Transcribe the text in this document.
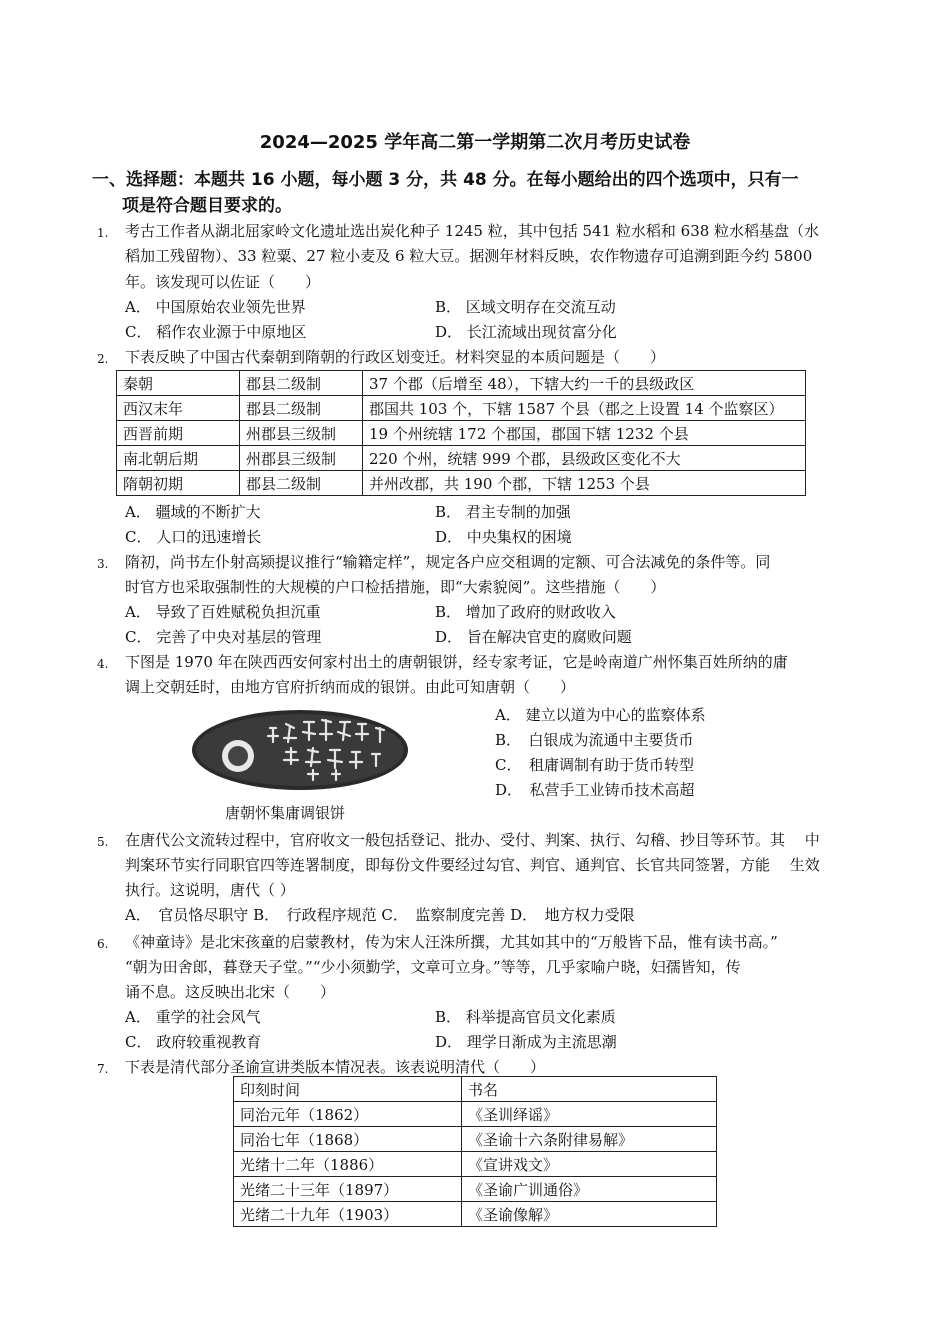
2024—2025 学年高二第一学期第二次月考历史试卷
一、选择题：本题共 16 小题，每小题 3 分，共 48 分。在每小题给出的四个选项中，只有一
项是符合题目要求的。
1. 考古工作者从湖北屈家岭文化遗址选出炭化种子 1245 粒，其中包括 541 粒水稻和 638 粒水稻基盘（水
稻加工残留物）、33 粒粟、27 粒小麦及 6 粒大豆。据测年材料反映，农作物遗存可追溯到距今约 5800
年。该发现可以佐证（　　）
A． 中国原始农业领先世界	B． 区域文明存在交流互动
C． 稻作农业源于中原地区	D． 长江流域出现贫富分化
2. 下表反映了中国古代秦朝到隋朝的行政区划变迁。材料突显的本质问题是（　　）
秦朝	郡县二级制	37 个郡（后增至 48），下辖大约一千的县级政区
西汉末年	郡县二级制	郡国共 103 个，下辖 1587 个县（郡之上设置 14 个监察区）
西晋前期	州郡县三级制	19 个州统辖 172 个郡国，郡国下辖 1232 个县
南北朝后期	州郡县三级制	220 个州，统辖 999 个郡，县级政区变化不大
隋朝初期	郡县二级制	并州改郡，共 190 个郡，下辖 1253 个县
A． 疆域的不断扩大	B． 君主专制的加强
C． 人口的迅速增长	D． 中央集权的困境
3. 隋初，尚书左仆射高颎提议推行“输籍定样”，规定各户应交租调的定额、可合法减免的条件等。同
时官方也采取强制性的大规模的户口检括措施，即“大索貌阅”。这些措施（　　）
A． 导致了百姓赋税负担沉重	B． 增加了政府的财政收入
C． 完善了中央对基层的管理	D． 旨在解决官吏的腐败问题
4. 下图是 1970 年在陕西西安何家村出土的唐朝银饼，经专家考证，它是岭南道广州怀集百姓所纳的庸
调上交朝廷时，由地方官府折纳而成的银饼。由此可知唐朝（　　）
唐朝怀集庸调银饼
A． 建立以道为中心的监察体系
B．　白银成为流通中主要货币
C．　租庸调制有助于货币转型
D．　私营手工业铸币技术高超
5. 在唐代公文流转过程中，官府收文一般包括登记、批办、受付、判案、执行、勾稽、抄目等环节。其　 中
判案环节实行同职官四等连署制度，即每份文件要经过勾官、判官、通判官、长官共同签署，方能　 生效
执行。这说明，唐代（ ）
A．　官员恪尽职守 B．　行政程序规范 C．　监察制度完善 D．　地方权力受限
6. 《神童诗》是北宋孩童的启蒙教材，传为宋人汪洙所撰，尤其如其中的“万般皆下品，惟有读书高。”
“朝为田舍郎，暮登天子堂。”“少小须勤学，文章可立身。”等等，几乎家喻户晓，妇孺皆知，传
诵不息。这反映出北宋（　　）
A． 重学的社会风气	B． 科举提高官员文化素质
C． 政府较重视教育	D． 理学日渐成为主流思潮
7. 下表是清代部分圣谕宣讲类版本情况表。该表说明清代（　　）
印刻时间	书名
同治元年（1862）	《圣训绎谣》
同治七年（1868）	《圣谕十六条附律易解》
光绪十二年（1886）	《宣讲戏文》
光绪二十三年（1897）	《圣谕广训通俗》
光绪二十九年（1903）	《圣谕像解》
